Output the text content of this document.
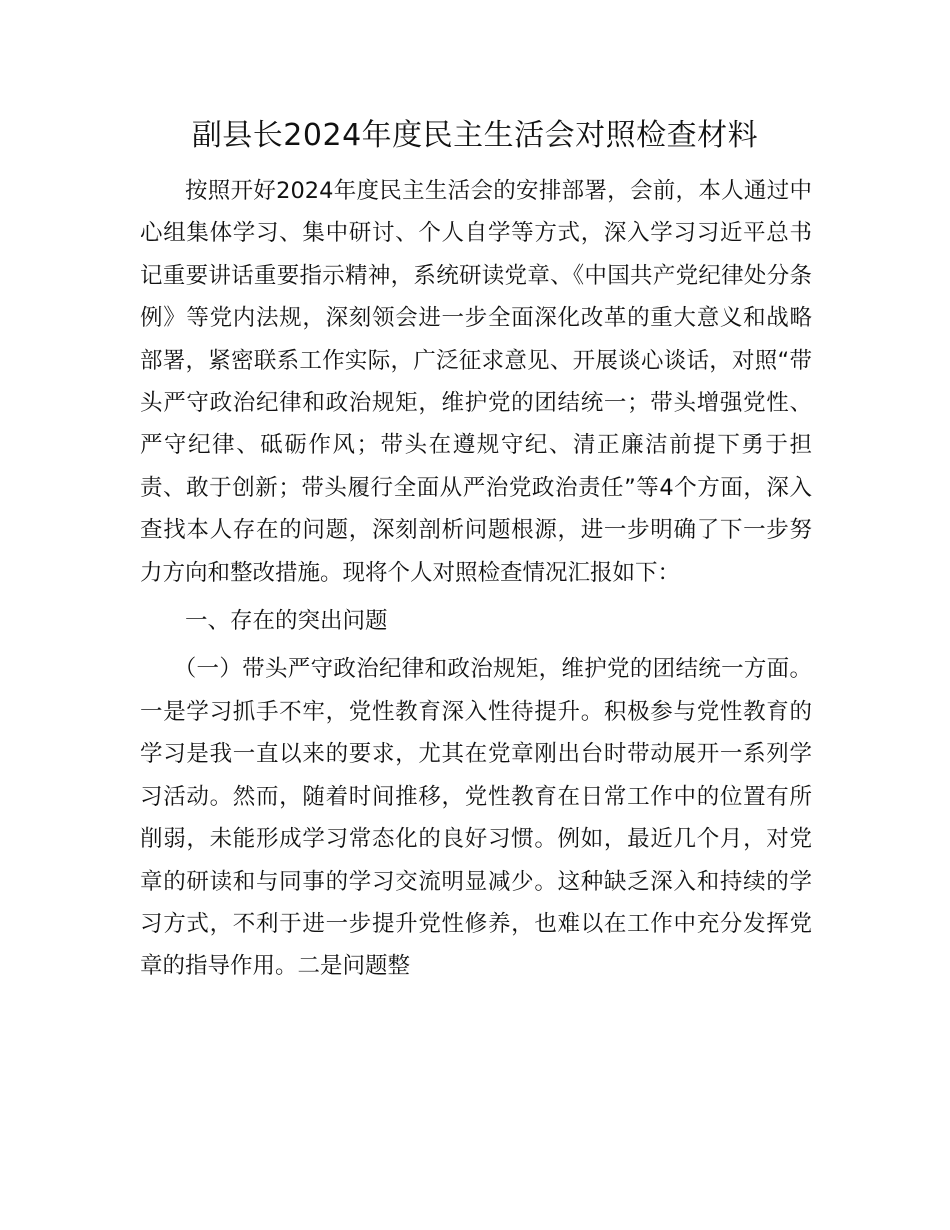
副县长2024年度民主生活会对照检查材料

按照开好2024年度民主生活会的安排部署，会前，本人通过中心组集体学习、集中研讨、个人自学等方式，深入学习习近平总书记重要讲话重要指示精神，系统研读党章、《中国共产党纪律处分条例》等党内法规，深刻领会进一步全面深化改革的重大意义和战略部署，紧密联系工作实际，广泛征求意见、开展谈心谈话，对照“带头严守政治纪律和政治规矩，维护党的团结统一；带头增强党性、严守纪律、砥砺作风；带头在遵规守纪、清正廉洁前提下勇于担责、敢于创新；带头履行全面从严治党政治责任”等4个方面，深入查找本人存在的问题，深刻剖析问题根源，进一步明确了下一步努力方向和整改措施。现将个人对照检查情况汇报如下：

一、存在的突出问题

（一）带头严守政治纪律和政治规矩，维护党的团结统一方面。一是学习抓手不牢，党性教育深入性待提升。积极参与党性教育的学习是我一直以来的要求，尤其在党章刚出台时带动展开一系列学习活动。然而，随着时间推移，党性教育在日常工作中的位置有所削弱，未能形成学习常态化的良好习惯。例如，最近几个月，对党章的研读和与同事的学习交流明显减少。这种缺乏深入和持续的学习方式，不利于进一步提升党性修养，也难以在工作中充分发挥党章的指导作用。二是问题整
